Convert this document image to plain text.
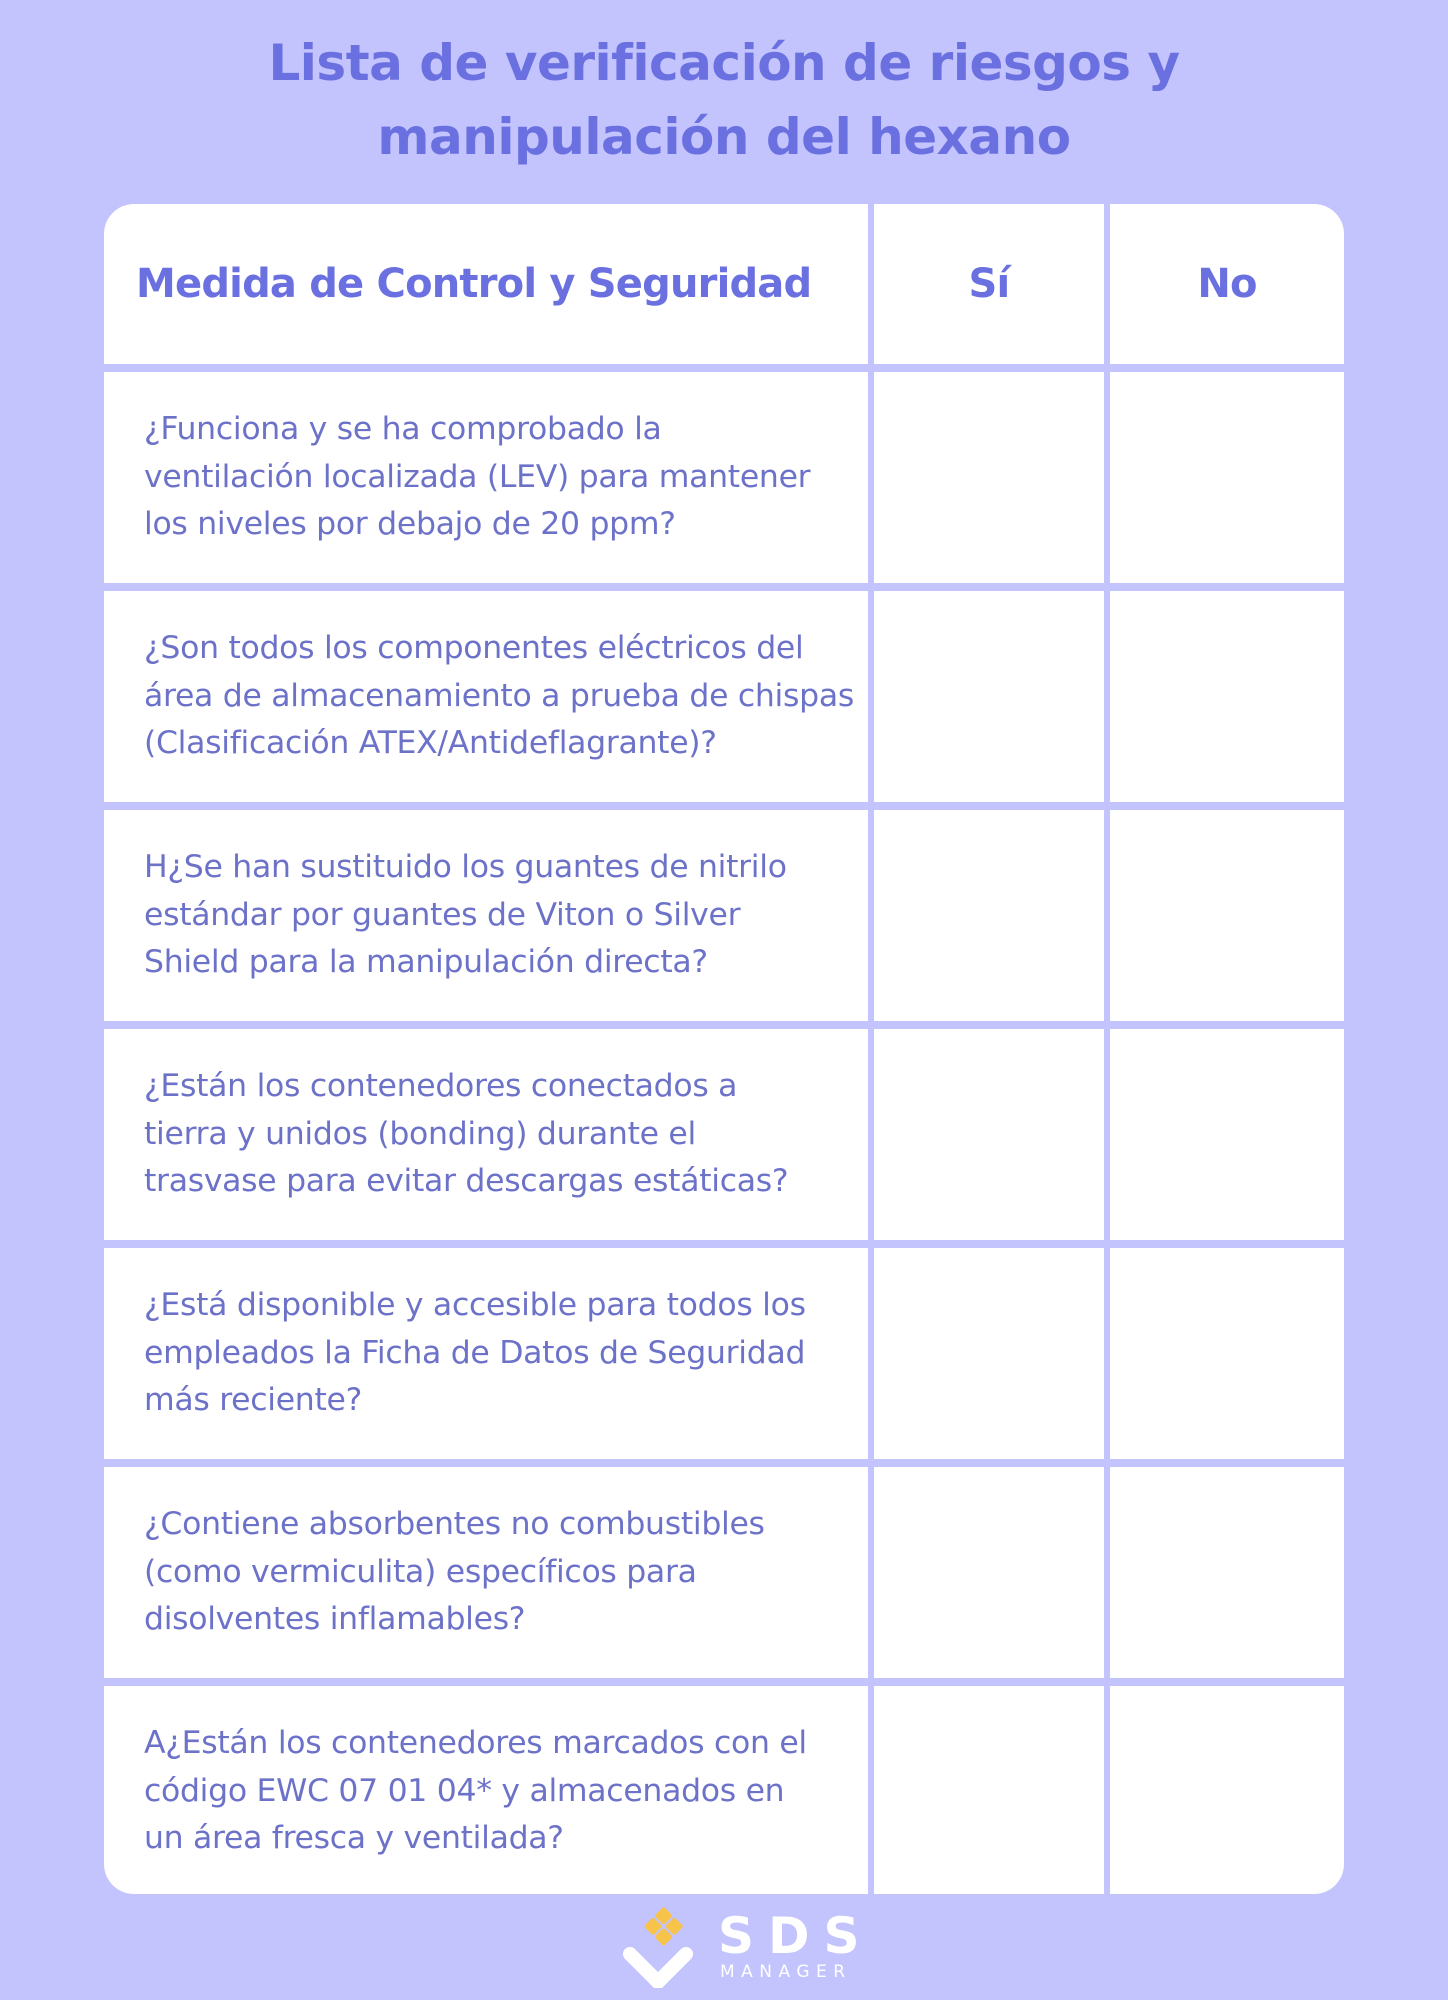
Lista de verificación de riesgos y
manipulación del hexano
Medida de Control y Seguridad	Sí	No
¿Funciona y se ha comprobado la
ventilación localizada (LEV) para mantener
los niveles por debajo de 20 ppm?
¿Son todos los componentes eléctricos del
área de almacenamiento a prueba de chispas
(Clasificación ATEX/Antideflagrante)?
H¿Se han sustituido los guantes de nitrilo
estándar por guantes de Viton o Silver
Shield para la manipulación directa?
¿Están los contenedores conectados a
tierra y unidos (bonding) durante el
trasvase para evitar descargas estáticas?
¿Está disponible y accesible para todos los
empleados la Ficha de Datos de Seguridad
más reciente?
¿Contiene absorbentes no combustibles
(como vermiculita) específicos para
disolventes inflamables?
A¿Están los contenedores marcados con el
código EWC 07 01 04* y almacenados en
un área fresca y ventilada?
SDS
MANAGER
